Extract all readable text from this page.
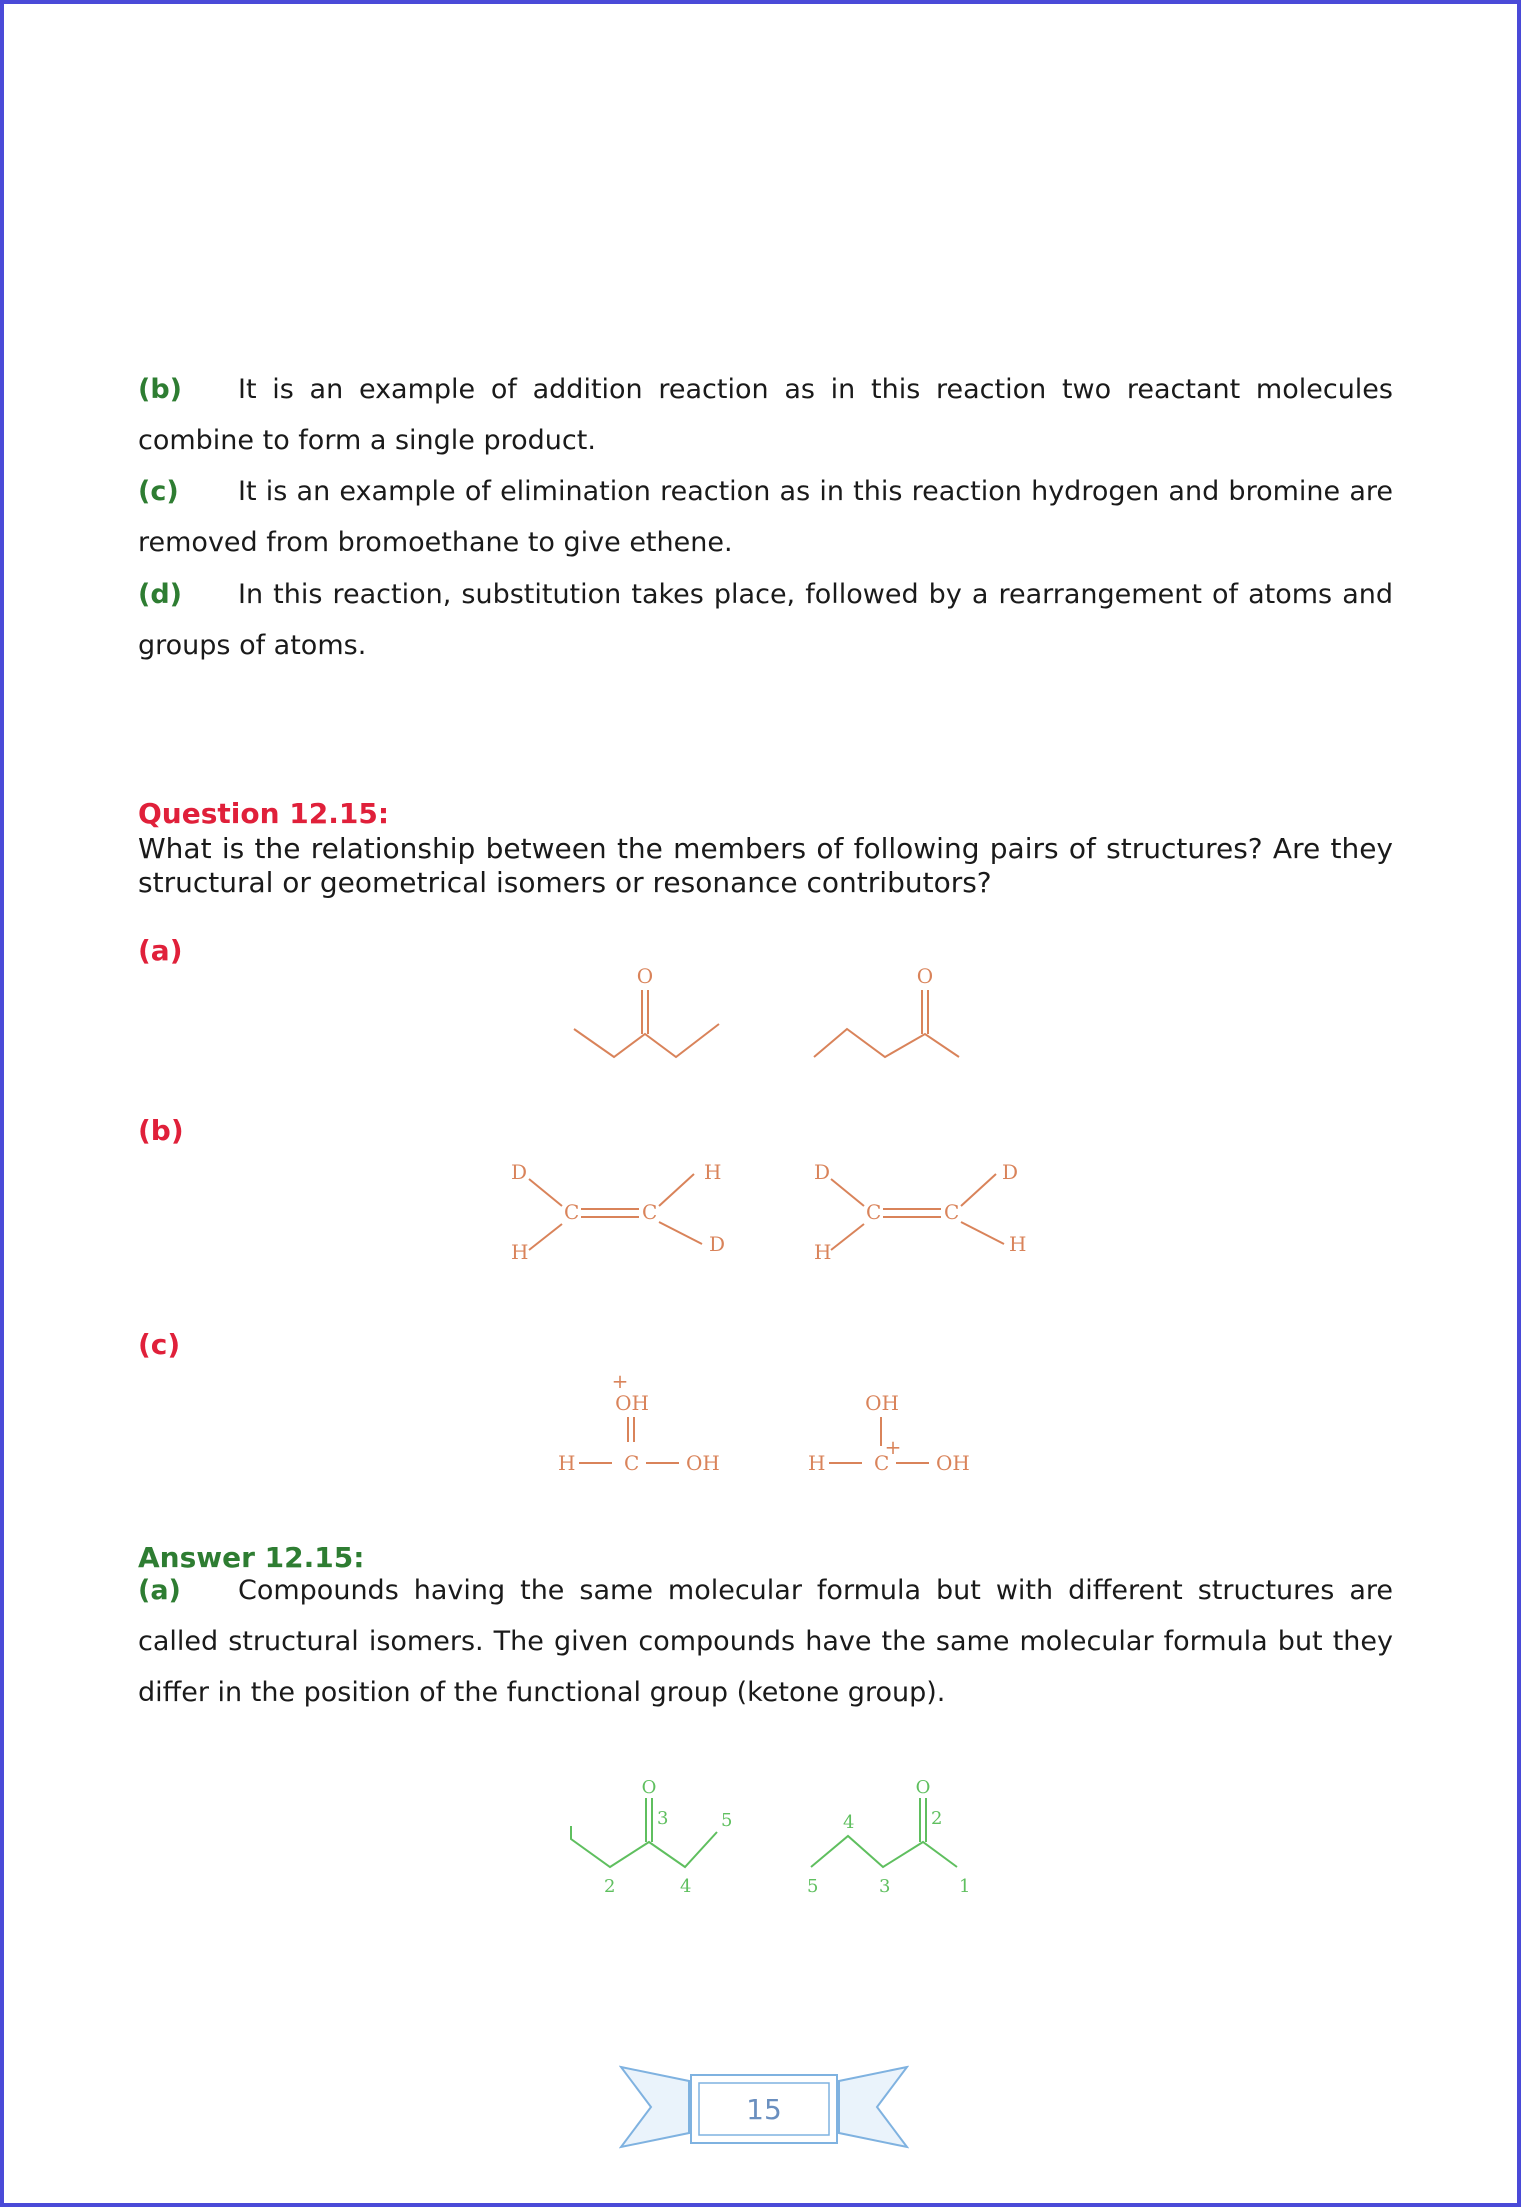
(b) It is an example of addition reaction as in this reaction two reactant molecules combine to form a single product.

(c) It is an example of elimination reaction as in this reaction hydrogen and bromine are removed from bromoethane to give ethene.

(d) In this reaction, substitution takes place, followed by a rearrangement of atoms and groups of atoms.

Question 12.15:

What is the relationship between the members of following pairs of structures? Are they structural or geometrical isomers or resonance contributors?

(a)
O	O
(b)
D	H
C	C
H	D
D	D
C	C
H	H
(c)
+
OH
H C OH
OH
+
H C OH

Answer 12.15:

(a) Compounds having the same molecular formula but with different structures are called structural isomers. The given compounds have the same molecular formula but they differ in the position of the functional group (ketone group).

O
3	5
2	4
O
2
4
5	3	1
15
